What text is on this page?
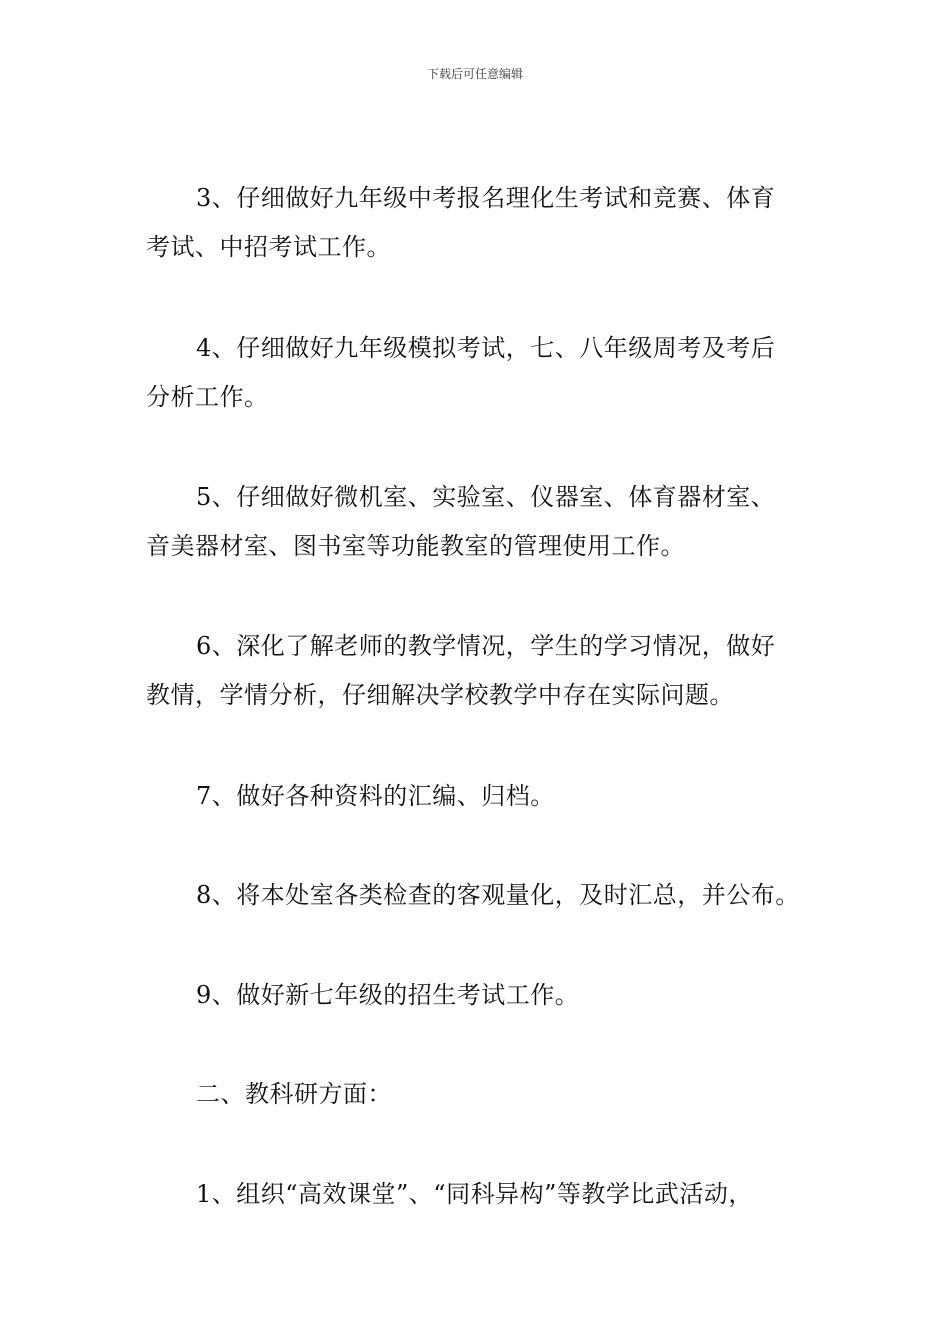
下载后可任意编辑

3、仔细做好九年级中考报名理化生考试和竞赛、体育
考试、中招考试工作。

4、仔细做好九年级模拟考试，七、八年级周考及考后
分析工作。

5、仔细做好微机室、实验室、仪器室、体育器材室、
音美器材室、图书室等功能教室的管理使用工作。

6、深化了解老师的教学情况，学生的学习情况，做好
教情，学情分析，仔细解决学校教学中存在实际问题。

7、做好各种资料的汇编、归档。

8、将本处室各类检查的客观量化，及时汇总，并公布。

9、做好新七年级的招生考试工作。

二、教科研方面：

1、组织“高效课堂”、“同科异构”等教学比武活动，
